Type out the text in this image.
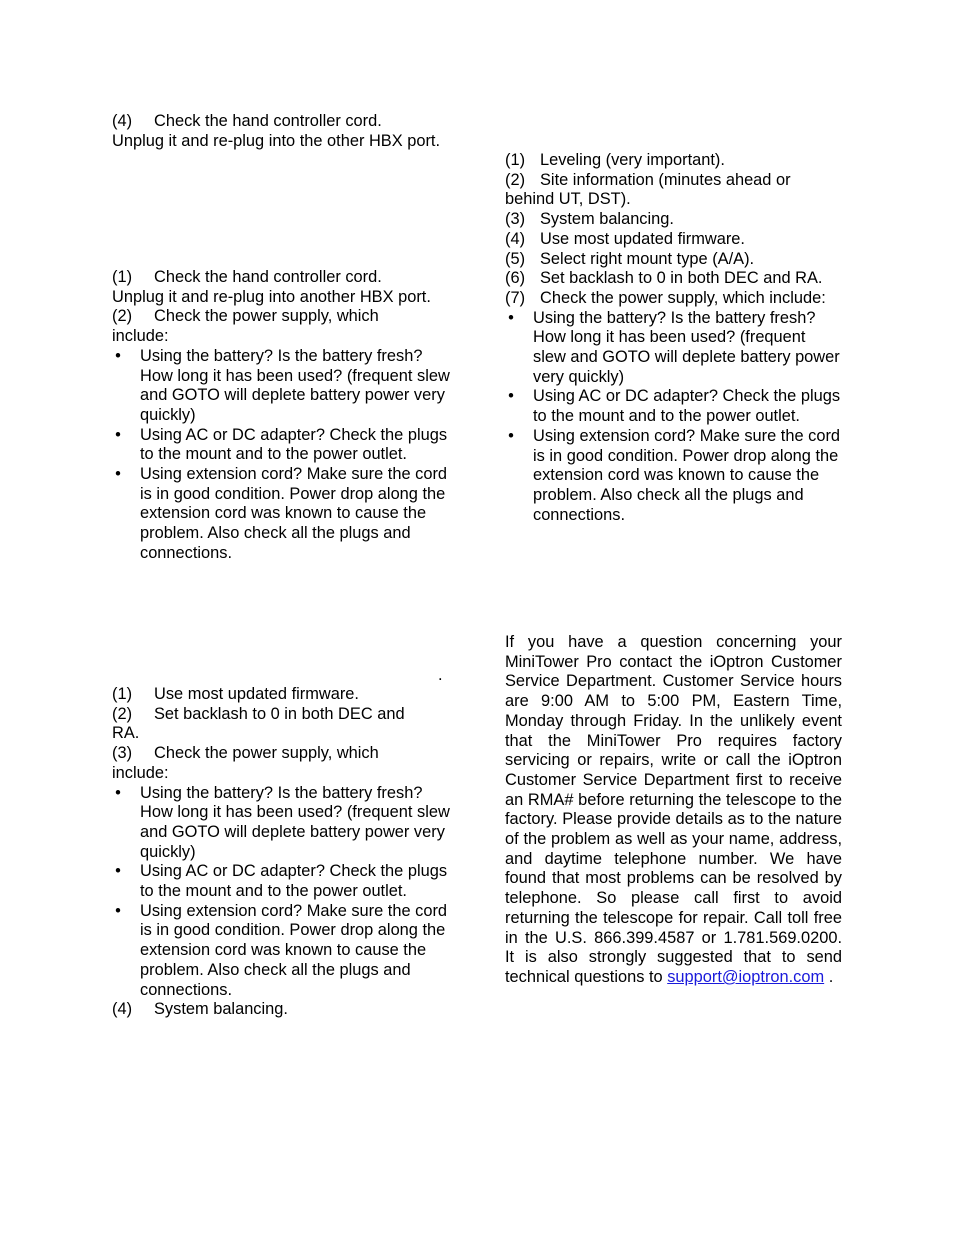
(4) Check the hand controller cord.
Unplug it and re-plug into the other HBX port.
(1) Check the hand controller cord.
Unplug it and re-plug into another HBX port.
(2) Check the power supply, which
include:
• Using the battery? Is the battery fresh? How long it has been used? (frequent slew and GOTO will deplete battery power very quickly)
• Using AC or DC adapter? Check the plugs to the mount and to the power outlet.
• Using extension cord? Make sure the cord is in good condition. Power drop along the extension cord was known to cause the problem. Also check all the plugs and connections.
.
(1) Use most updated firmware.
(2) Set backlash to 0 in both DEC and
RA.
(3) Check the power supply, which
include:
• Using the battery? Is the battery fresh? How long it has been used? (frequent slew and GOTO will deplete battery power very quickly)
• Using AC or DC adapter? Check the plugs to the mount and to the power outlet.
• Using extension cord? Make sure the cord is in good condition. Power drop along the extension cord was known to cause the problem. Also check all the plugs and connections.
(4) System balancing.
(1) Leveling (very important).
(2) Site information (minutes ahead or
behind UT, DST).
(3) System balancing.
(4) Use most updated firmware.
(5) Select right mount type (A/A).
(6) Set backlash to 0 in both DEC and RA.
(7) Check the power supply, which include:
• Using the battery? Is the battery fresh? How long it has been used? (frequent slew and GOTO will deplete battery power very quickly)
• Using AC or DC adapter? Check the plugs to the mount and to the power outlet.
• Using extension cord? Make sure the cord is in good condition. Power drop along the extension cord was known to cause the problem. Also check all the plugs and connections.
If you have a question concerning your MiniTower Pro contact the iOptron Customer Service Department. Customer Service hours are 9:00 AM to 5:00 PM, Eastern Time, Monday through Friday. In the unlikely event that the MiniTower Pro requires factory servicing or repairs, write or call the iOptron Customer Service Department first to receive an RMA# before returning the telescope to the factory. Please provide details as to the nature of the problem as well as your name, address, and daytime telephone number. We have found that most problems can be resolved by telephone. So please call first to avoid returning the telescope for repair. Call toll free in the U.S. 866.399.4587 or 1.781.569.0200. It is also strongly suggested that to send technical questions to support@ioptron.com .
